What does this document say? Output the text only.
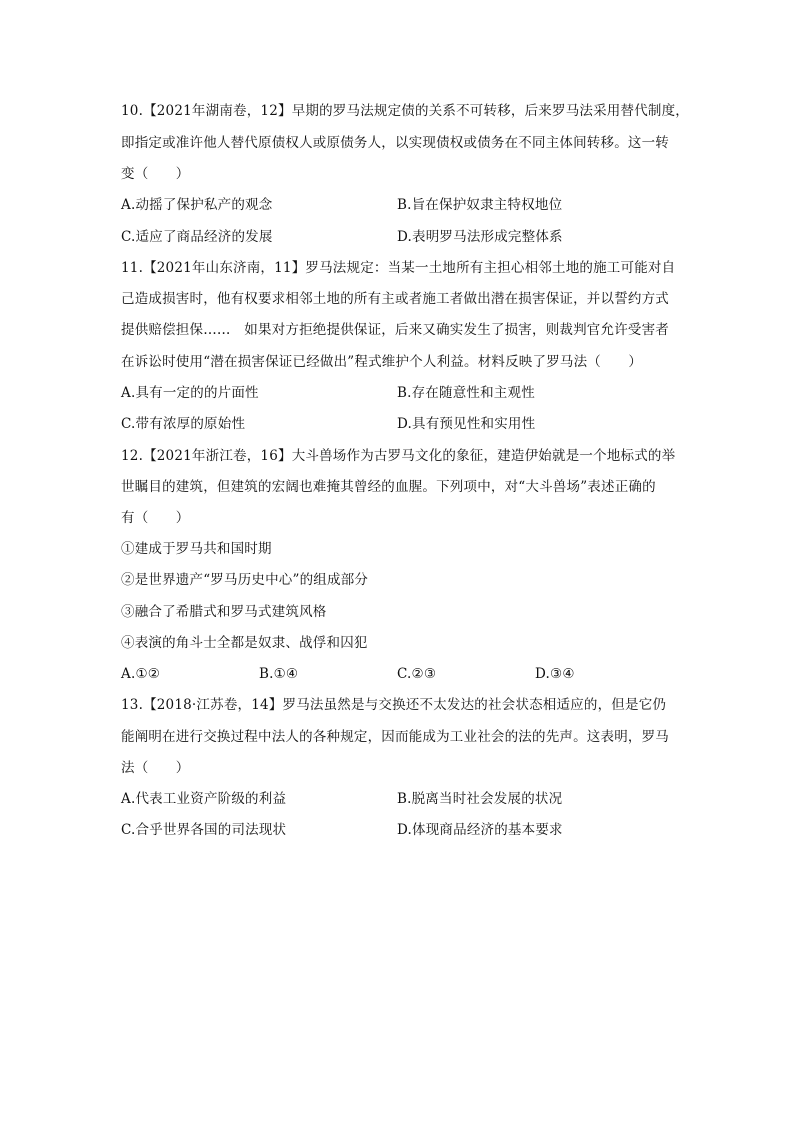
10.【2021年湖南卷，12】早期的罗马法规定债的关系不可转移，后来罗马法采用替代制度，
即指定或准许他人替代原债权人或原债务人，以实现债权或债务在不同主体间转移。这一转
变（　　）
A.动摇了保护私产的观念	B.旨在保护奴隶主特权地位
C.适应了商品经济的发展	D.表明罗马法形成完整体系
11.【2021年山东济南，11】罗马法规定：当某一土地所有主担心相邻土地的施工可能对自
己造成损害时，他有权要求相邻土地的所有主或者施工者做出潜在损害保证，并以誓约方式
提供赔偿担保……　如果对方拒绝提供保证，后来又确实发生了损害，则裁判官允许受害者
在诉讼时使用“潜在损害保证已经做出”程式维护个人利益。材料反映了罗马法（　　）
A.具有一定的的片面性	B.存在随意性和主观性
C.带有浓厚的原始性	D.具有预见性和实用性
12.【2021年浙江卷，16】大斗兽场作为古罗马文化的象征，建造伊始就是一个地标式的举
世瞩目的建筑，但建筑的宏阔也难掩其曾经的血腥。下列项中，对“大斗兽场”表述正确的
有（　　）
①建成于罗马共和国时期
②是世界遗产“罗马历史中心”的组成部分
③融合了希腊式和罗马式建筑风格
④表演的角斗士全都是奴隶、战俘和囚犯
A.①②	B.①④	C.②③	D.③④
13.【2018·江苏卷，14】罗马法虽然是与交换还不太发达的社会状态相适应的，但是它仍
能阐明在进行交换过程中法人的各种规定，因而能成为工业社会的法的先声。这表明，罗马
法（　　）
A.代表工业资产阶级的利益	B.脱离当时社会发展的状况
C.合乎世界各国的司法现状	D.体现商品经济的基本要求
